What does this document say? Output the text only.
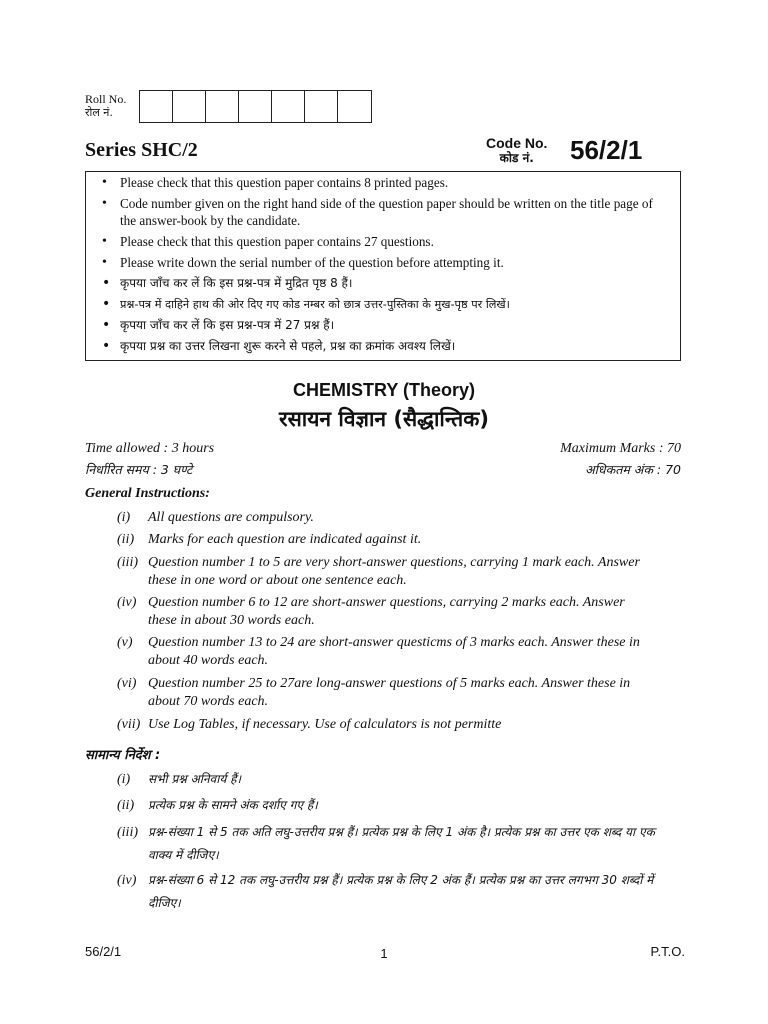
Roll No.
रोल नं.
Series SHC/2	Code No.
कोड नं.	56/2/1
• Please check that this question paper contains 8 printed pages.
• Code number given on the right hand side of the question paper should be written on the title page of the answer-book by the candidate.
• Please check that this question paper contains 27 questions.
• Please write down the serial number of the question before attempting it.
• कृपया जाँच कर लें कि इस प्रश्न-पत्र में मुद्रित पृष्ठ 8 हैं।
• प्रश्न-पत्र में दाहिने हाथ की ओर दिए गए कोड नम्बर को छात्र उत्तर-पुस्तिका के मुख-पृष्ठ पर लिखें।
• कृपया जाँच कर लें कि इस प्रश्न-पत्र में 27 प्रश्न हैं।
• कृपया प्रश्न का उत्तर लिखना शुरू करने से पहले, प्रश्न का क्रमांक अवश्य लिखें।
CHEMISTRY (Theory)
रसायन विज्ञान (सैद्धान्तिक)
Time allowed : 3 hours
निर्धारित समय : 3 घण्टे
Maximum Marks : 70
अधिकतम अंक : 70
General Instructions:
(i) All questions are compulsory.
(ii) Marks for each question are indicated against it.
(iii) Question number 1 to 5 are very short-answer questions, carrying 1 mark each. Answer these in one word or about one sentence each.
(iv) Question number 6 to 12 are short-answer questions, carrying 2 marks each. Answer these in about 30 words each.
(v) Question number 13 to 24 are short-answer questicms of 3 marks each. Answer these in about 40 words each.
(vi) Question number 25 to 27are long-answer questions of 5 marks each. Answer these in about 70 words each.
(vii) Use Log Tables, if necessary. Use of calculators is not permitte
सामान्य निर्देश :
(i) सभी प्रश्न अनिवार्य हैं।
(ii) प्रत्येक प्रश्न के सामने अंक दर्शाए गए हैं।
(iii) प्रश्न-संख्या 1 से 5 तक अति लघु-उत्तरीय प्रश्न हैं। प्रत्येक प्रश्न के लिए 1 अंक है। प्रत्येक प्रश्न का उत्तर एक शब्द या एक वाक्य में दीजिए।
(iv) प्रश्न-संख्या 6 से 12 तक लघु-उत्तरीय प्रश्न हैं। प्रत्येक प्रश्न के लिए 2 अंक हैं। प्रत्येक प्रश्न का उत्तर लगभग 30 शब्दों में दीजिए।
56/2/1	1	P.T.O.
